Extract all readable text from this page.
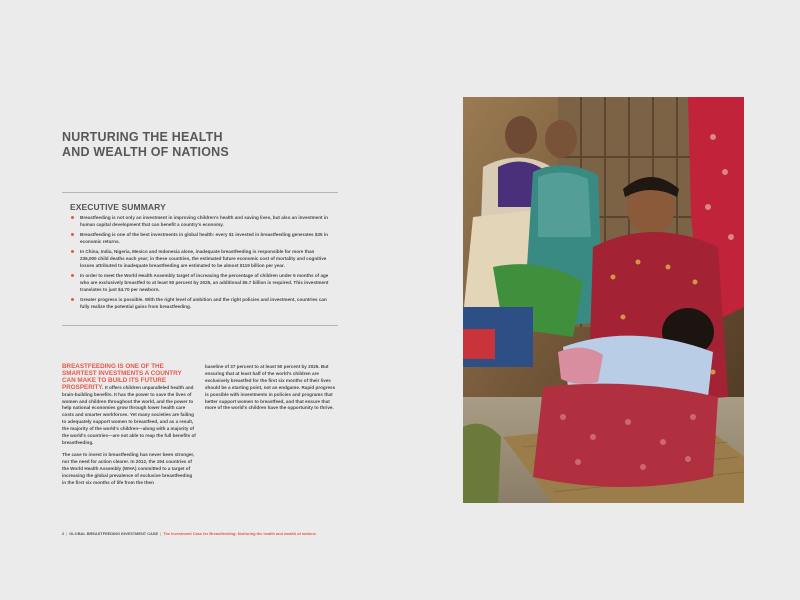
NURTURING THE HEALTH
AND WEALTH OF NATIONS
EXECUTIVE SUMMARY
Breastfeeding is not only an investment in improving children's health and saving lives, but also an investment in human capital development that can benefit a country's economy.
Breastfeeding is one of the best investments in global health: every $1 invested in breastfeeding generates $35 in economic returns.
In China, India, Nigeria, Mexico and Indonesia alone, inadequate breastfeeding is responsible for more than 236,000 child deaths each year; in these countries, the estimated future economic cost of mortality and cognitive losses attributed to inadequate breastfeeding are estimated to be almost $119 billion per year.
In order to meet the World Health Assembly target of increasing the percentage of children under 6 months of age who are exclusively breastfed to at least 50 percent by 2025, an additional $5.7 billion is required. This investment translates to just $4.70 per newborn.
Greater progress is possible. With the right level of ambition and the right policies and investment, countries can fully realize the potential gains from breastfeeding.

BREASTFEEDING IS ONE OF THE SMARTEST INVESTMENTS A COUNTRY CAN MAKE TO BUILD ITS FUTURE PROSPERITY. It offers children unparalleled health and brain-building benefits. It has the power to save the lives of women and children throughout the world, and the power to help national economies grow through lower health care costs and smarter workforces. Yet many societies are failing to adequately support women to breastfeed, and as a result, the majority of the world's children—along with a majority of the world's countries—are not able to reap the full benefits of breastfeeding.

The case to invest in breastfeeding has never been stronger, nor the need for action clearer. In 2012, the 194 countries of the World Health Assembly (WHA) committed to a target of increasing the global prevalence of exclusive breastfeeding in the first six months of life from the then

baseline of 37 percent to at least 50 percent by 2025. But ensuring that at least half of the world's children are exclusively breastfed for the first six months of their lives should be a starting point, not an endgame. Rapid progress is possible with investments in policies and programs that better support women to breastfeed, and that ensure that more of the world's children have the opportunity to thrive.

2 | GLOBAL BREASTFEEDING INVESTMENT CASE | The Investment Case for Breastfeeding: Nurturing the health and wealth of nations
